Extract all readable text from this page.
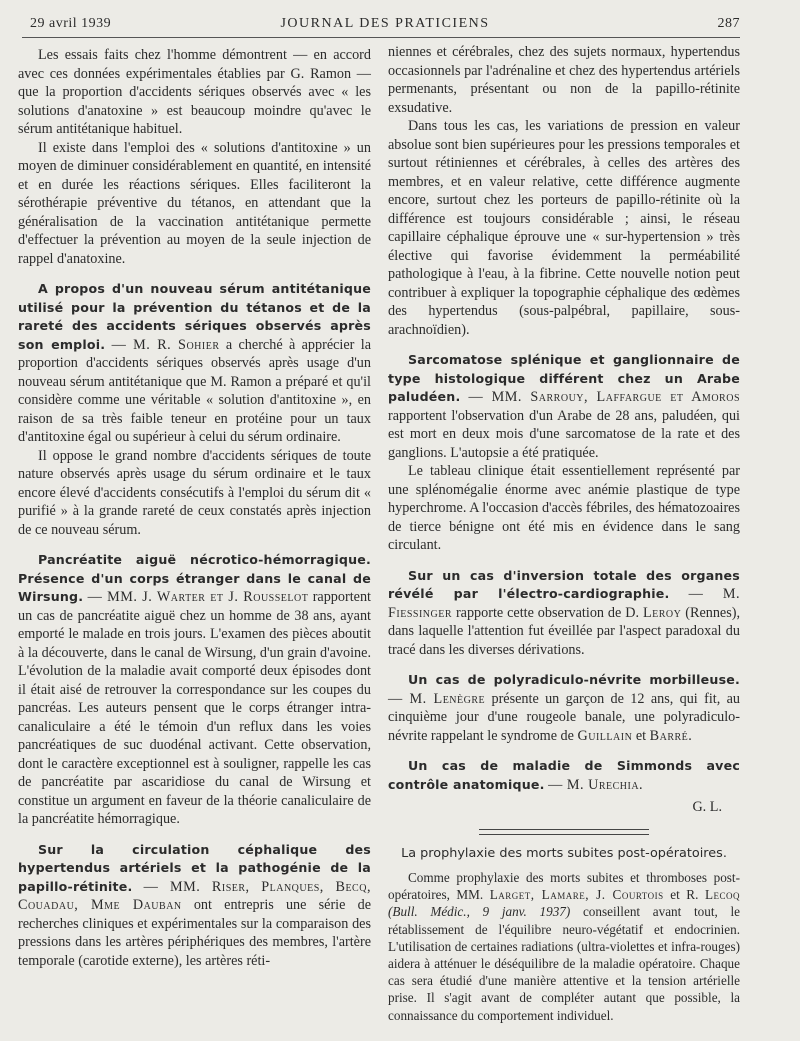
29 avril 1939	JOURNAL DES PRATICIENS	287

Les essais faits chez l'homme démontrent — en accord avec ces données expérimentales établies par G. Ramon — que la proportion d'accidents sériques observés avec « les solutions d'anatoxine » est beaucoup moindre qu'avec le sérum antitétanique habituel.

Il existe dans l'emploi des « solutions d'antitoxine » un moyen de diminuer considérablement en quantité, en intensité et en durée les réactions sériques. Elles faciliteront la sérothérapie préventive du tétanos, en attendant que la généralisation de la vaccination antitétanique permette d'effectuer la prévention au moyen de la seule injection de rappel d'anatoxine.

A propos d'un nouveau sérum antitétanique utilisé pour la prévention du tétanos et de la rareté des accidents sériques observés après son emploi. — M. R. Sohier a cherché à apprécier la proportion d'accidents sériques observés après usage d'un nouveau sérum antitétanique que M. Ramon a préparé et qu'il considère comme une véritable « solution d'antitoxine », en raison de sa très faible teneur en protéine pour un taux d'antitoxine égal ou supérieur à celui du sérum ordinaire.

Il oppose le grand nombre d'accidents sériques de toute nature observés après usage du sérum ordinaire et le taux encore élevé d'accidents consécutifs à l'emploi du sérum dit « purifié » à la grande rareté de ceux constatés après injection de ce nouveau sérum.

Pancréatite aiguë nécrotico-hémorragique. Présence d'un corps étranger dans le canal de Wirsung. — MM. J. Warter et J. Rousselot rapportent un cas de pancréatite aiguë chez un homme de 38 ans, ayant emporté le malade en trois jours. L'examen des pièces aboutit à la découverte, dans le canal de Wirsung, d'un grain d'avoine. L'évolution de la maladie avait comporté deux épisodes dont il était aisé de retrouver la correspondance sur les coupes du pancréas. Les auteurs pensent que le corps étranger intra-canaliculaire a été le témoin d'un reflux dans les voies pancréatiques de suc duodénal activant. Cette observation, dont le caractère exceptionnel est à souligner, rappelle les cas de pancréatite par ascaridiose du canal de Wirsung et constitue un argument en faveur de la théorie canaliculaire de la pancréatite hémorragique.

Sur la circulation céphalique des hypertendus artériels et la pathogénie de la papillo-rétinite. — MM. Riser, Planques, Becq, Couadau, Mme Dauban ont entrepris une série de recherches cliniques et expérimentales sur la comparaison des pressions dans les artères périphériques des membres, l'artère temporale (carotide externe), les artères réti-

niennes et cérébrales, chez des sujets normaux, hypertendus occasionnels par l'adrénaline et chez des hypertendus artériels permenants, présentant ou non de la papillo-rétinite exsudative.

Dans tous les cas, les variations de pression en valeur absolue sont bien supérieures pour les pressions temporales et surtout rétiniennes et cérébrales, à celles des artères des membres, et en valeur relative, cette différence augmente encore, surtout chez les porteurs de papillo-rétinite où la différence est toujours considérable ; ainsi, le réseau capillaire céphalique éprouve une « sur-hypertension » très élective qui favorise évidemment la perméabilité pathologique à l'eau, à la fibrine. Cette nouvelle notion peut contribuer à expliquer la topographie céphalique des œdèmes des hypertendus (sous-palpébral, papillaire, sous-arachnoïdien).

Sarcomatose splénique et ganglionnaire de type histologique différent chez un Arabe paludéen. — MM. Sarrouy, Laffargue et Amoros rapportent l'observation d'un Arabe de 28 ans, paludéen, qui est mort en deux mois d'une sarcomatose de la rate et des ganglions. L'autopsie a été pratiquée.

Le tableau clinique était essentiellement représenté par une splénomégalie énorme avec anémie plastique de type hyperchrome. A l'occasion d'accès fébriles, des hématozoaires de tierce bénigne ont été mis en évidence dans le sang circulant.

Sur un cas d'inversion totale des organes révélé par l'électro-cardiographie. — M. Fiessinger rapporte cette observation de D. Leroy (Rennes), dans laquelle l'attention fut éveillée par l'aspect paradoxal du tracé dans les diverses dérivations.

Un cas de polyradiculo-névrite morbilleuse. — M. Lenègre présente un garçon de 12 ans, qui fit, au cinquième jour d'une rougeole banale, une polyradiculo-névrite rappelant le syndrome de Guillain et Barré.

Un cas de maladie de Simmonds avec contrôle anatomique. — M. Urechia.

G. L.
La prophylaxie des morts subites post-opératoires.

Comme prophylaxie des morts subites et thromboses post-opératoires, MM. Larget, Lamare, J. Courtois et R. Lecoq (Bull. Médic., 9 janv. 1937) conseillent avant tout, le rétablissement de l'équilibre neuro-végétatif et endocrinien. L'utilisation de certaines radiations (ultra-violettes et infra-rouges) aidera à atténuer le déséquilibre de la maladie opératoire. Chaque cas sera étudié d'une manière attentive et la tension artérielle prise. Il s'agit avant de compléter autant que possible, la connaissance du comportement individuel.
